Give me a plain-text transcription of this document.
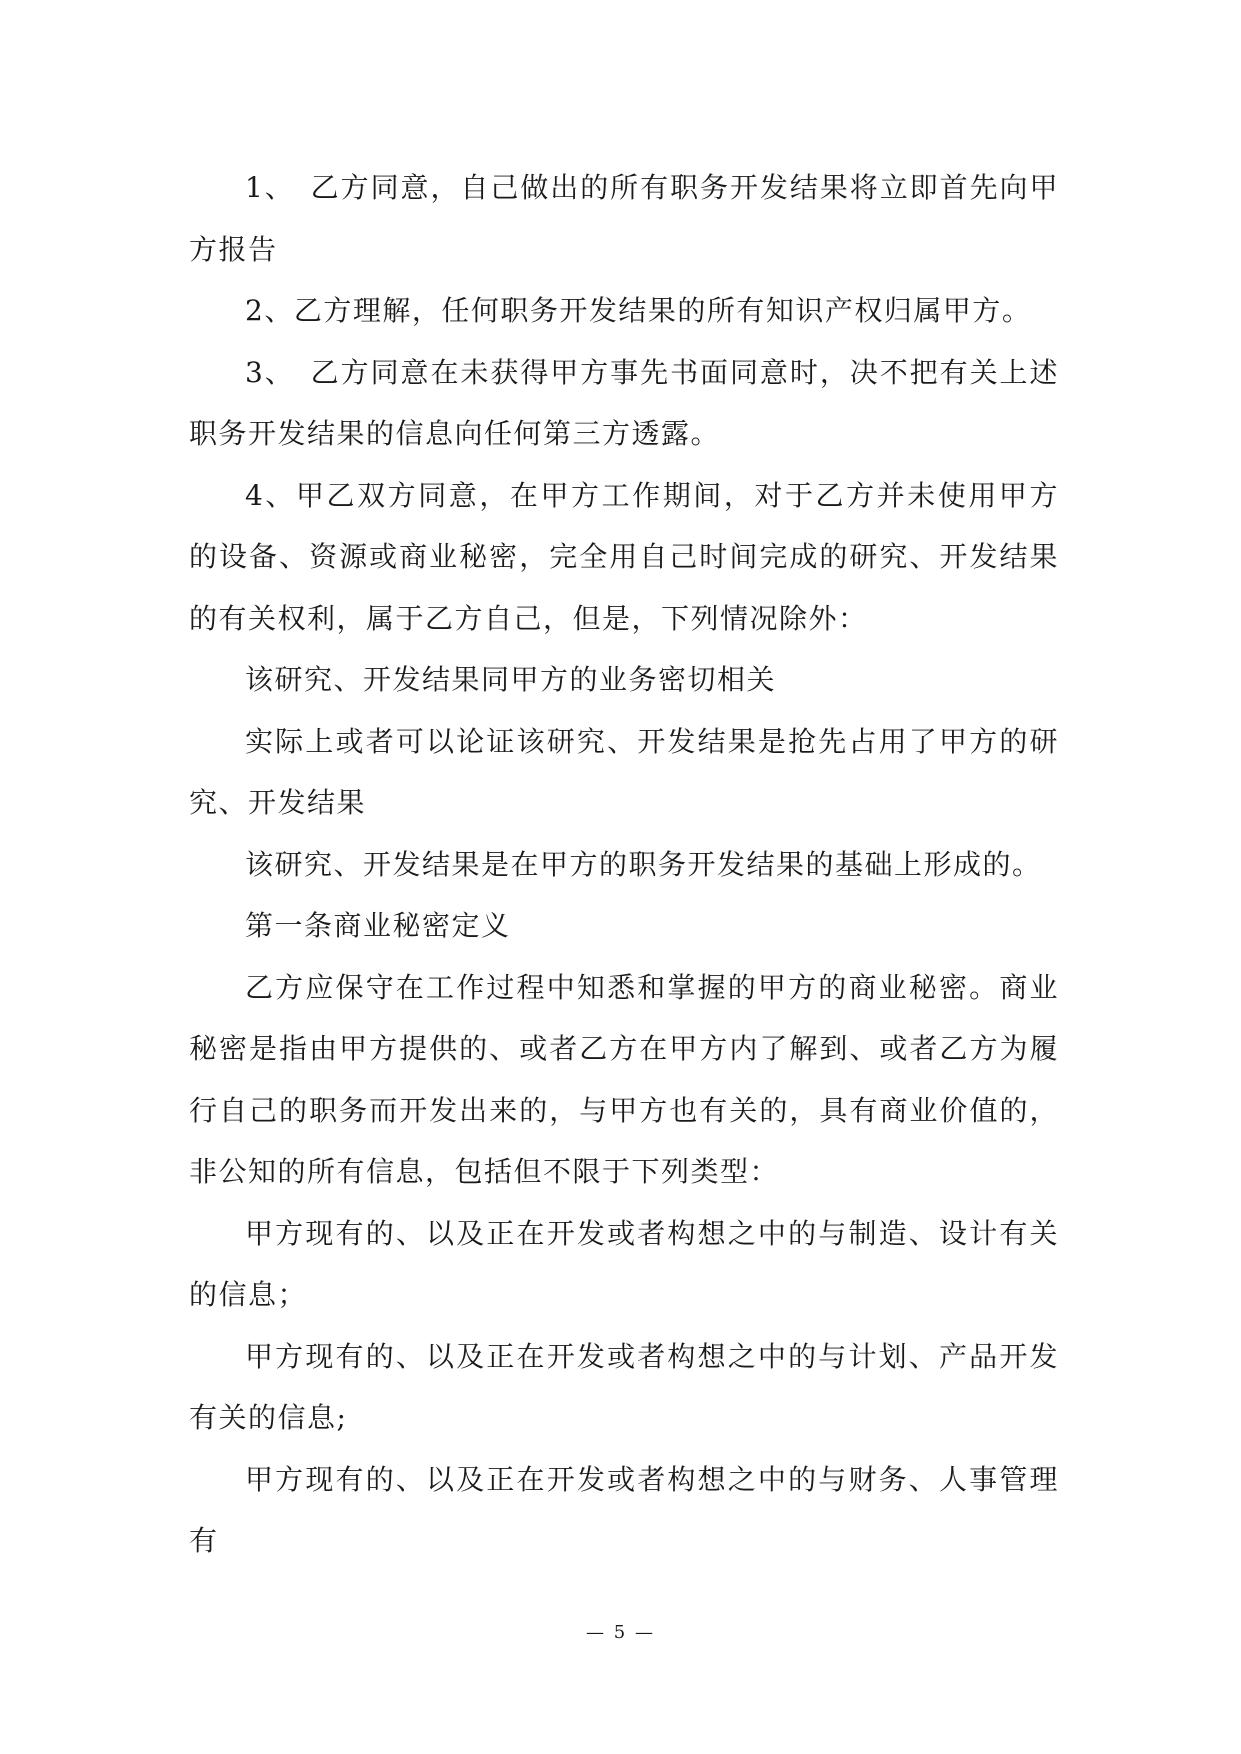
1、　乙方同意，自己做出的所有职务开发结果将立即首先向甲方报告

2、乙方理解，任何职务开发结果的所有知识产权归属甲方。

3、　乙方同意在未获得甲方事先书面同意时，决不把有关上述职务开发结果的信息向任何第三方透露。

4、甲乙双方同意，在甲方工作期间，对于乙方并未使用甲方的设备、资源或商业秘密，完全用自己时间完成的研究、开发结果的有关权利，属于乙方自己，但是，下列情况除外：

该研究、开发结果同甲方的业务密切相关

实际上或者可以论证该研究、开发结果是抢先占用了甲方的研究、开发结果

该研究、开发结果是在甲方的职务开发结果的基础上形成的。

第一条商业秘密定义

乙方应保守在工作过程中知悉和掌握的甲方的商业秘密。商业秘密是指由甲方提供的、或者乙方在甲方内了解到、或者乙方为履行自己的职务而开发出来的，与甲方也有关的，具有商业价值的，非公知的所有信息，包括但不限于下列类型：

甲方现有的、以及正在开发或者构想之中的与制造、设计有关的信息；

甲方现有的、以及正在开发或者构想之中的与计划、产品开发有关的信息;

甲方现有的、以及正在开发或者构想之中的与财务、人事管理有

— 5 —
